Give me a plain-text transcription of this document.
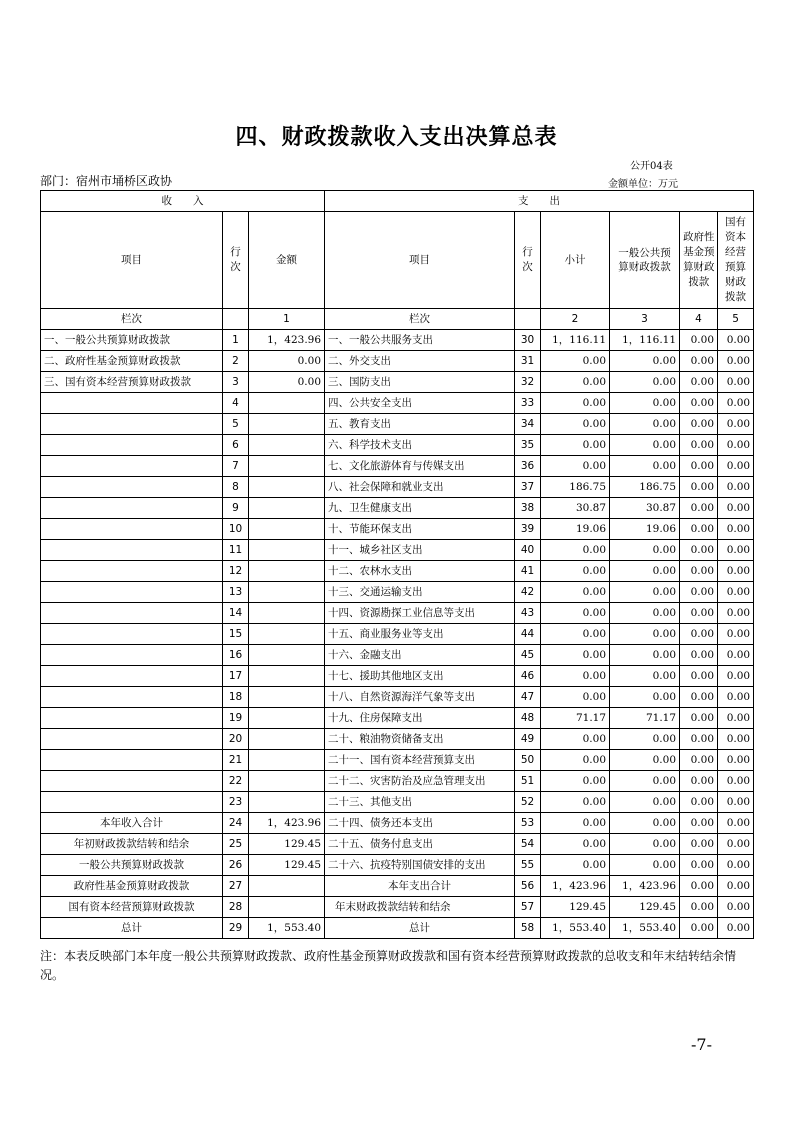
四、财政拨款收入支出决算总表
公开04表
部门：宿州市埇桥区政协	金额单位：万元
收　　入			支　　出					
项目	行次	金额	项目	行次	小计	一般公共预算财政拨款	政府性基金预算财政拨款	国有资本经营预算财政拨款

栏次		1	栏次		2	3	4	5
一、一般公共预算财政拨款	1	1，423.96	一、一般公共服务支出	30	1，116.11	1，116.11	0.00	0.00
二、政府性基金预算财政拨款	2	0.00	二、外交支出	31	0.00	0.00	0.00	0.00
三、国有资本经营预算财政拨款	3	0.00	三、国防支出	32	0.00	0.00	0.00	0.00
	4		四、公共安全支出	33	0.00	0.00	0.00	0.00
	5		五、教育支出	34	0.00	0.00	0.00	0.00
	6		六、科学技术支出	35	0.00	0.00	0.00	0.00
	7		七、文化旅游体育与传媒支出	36	0.00	0.00	0.00	0.00
	8		八、社会保障和就业支出	37	186.75	186.75	0.00	0.00
	9		九、卫生健康支出	38	30.87	30.87	0.00	0.00
	10		十、节能环保支出	39	19.06	19.06	0.00	0.00
	11		十一、城乡社区支出	40	0.00	0.00	0.00	0.00
	12		十二、农林水支出	41	0.00	0.00	0.00	0.00
	13		十三、交通运输支出	42	0.00	0.00	0.00	0.00
	14		十四、资源勘探工业信息等支出	43	0.00	0.00	0.00	0.00
	15		十五、商业服务业等支出	44	0.00	0.00	0.00	0.00
	16		十六、金融支出	45	0.00	0.00	0.00	0.00
	17		十七、援助其他地区支出	46	0.00	0.00	0.00	0.00
	18		十八、自然资源海洋气象等支出	47	0.00	0.00	0.00	0.00
	19		十九、住房保障支出	48	71.17	71.17	0.00	0.00
	20		二十、粮油物资储备支出	49	0.00	0.00	0.00	0.00
	21		二十一、国有资本经营预算支出	50	0.00	0.00	0.00	0.00
	22		二十二、灾害防治及应急管理支出	51	0.00	0.00	0.00	0.00
	23		二十三、其他支出	52	0.00	0.00	0.00	0.00
本年收入合计	24	1，423.96	二十四、债务还本支出	53	0.00	0.00	0.00	0.00
年初财政拨款结转和结余	25	129.45	二十五、债务付息支出	54	0.00	0.00	0.00	0.00
一般公共预算财政拨款	26	129.45	二十六、抗疫特别国债安排的支出	55	0.00	0.00	0.00	0.00
政府性基金预算财政拨款	27		本年支出合计	56	1，423.96	1，423.96	0.00	0.00
国有资本经营预算财政拨款	28		年末财政拨款结转和结余	57	129.45	129.45	0.00	0.00
总计	29	1，553.40	总计	58	1，553.40	1，553.40	0.00	0.00
注：本表反映部门本年度一般公共预算财政拨款、政府性基金预算财政拨款和国有资本经营预算财政拨款的总收支和年末结转结余情况。
-7-
